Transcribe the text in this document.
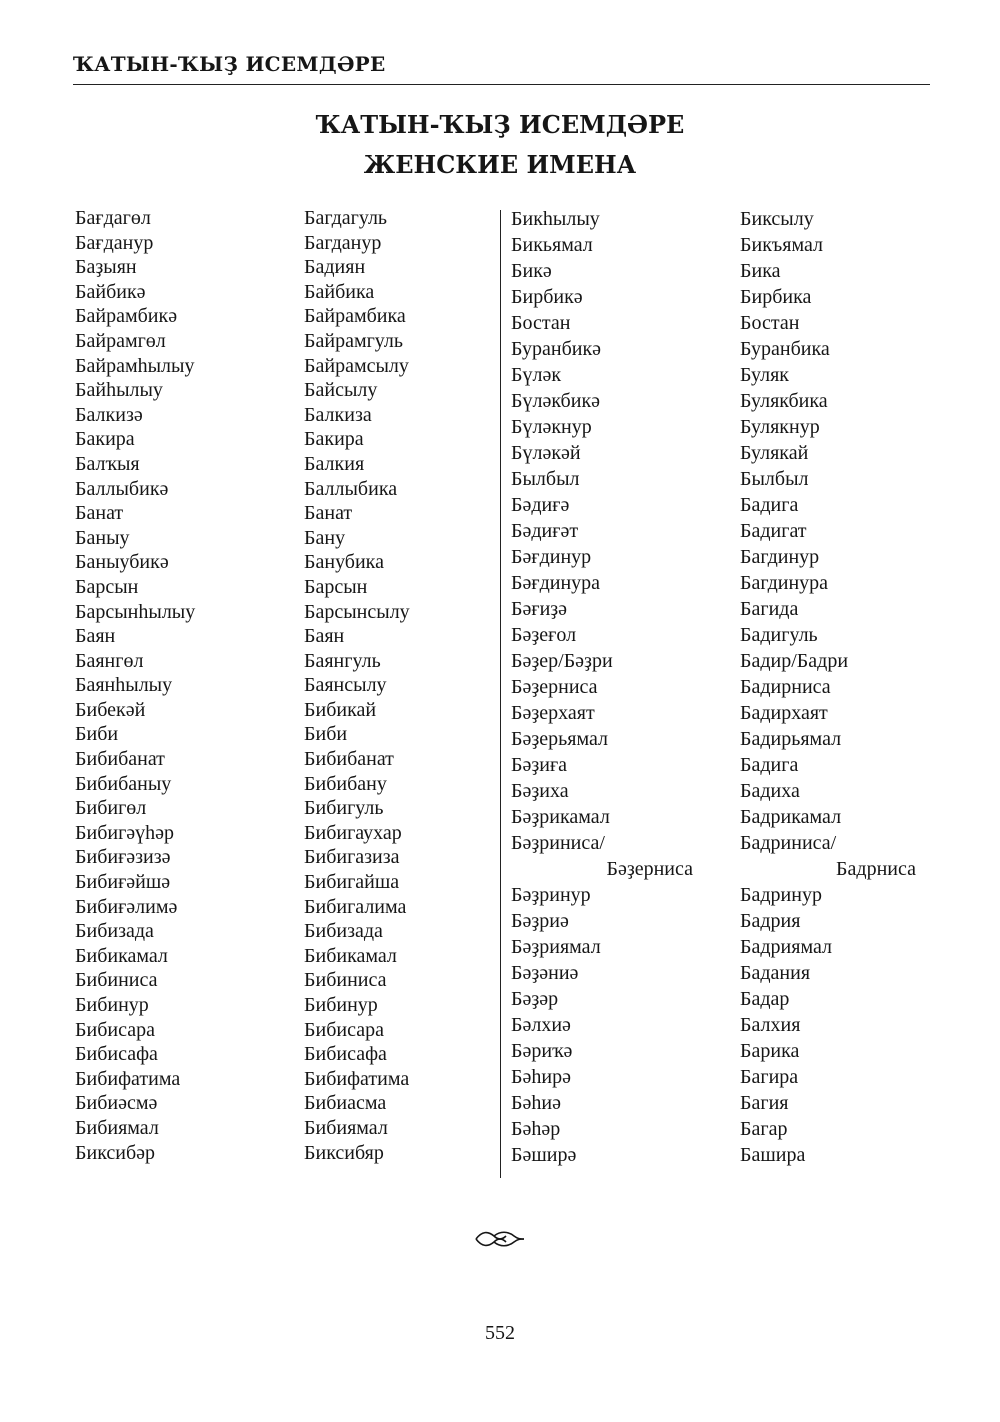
ҠАТЫН-ҠЫҘ ИСЕМДӘРЕ
ҠАТЫН-ҠЫҘ ИСЕМДӘРЕ
ЖЕНСКИЕ ИМЕНА
Бағдагөл
Бағданур
Баҙыян
Байбикә
Байрамбикә
Байрамгөл
Байрамһылыу
Байһылыу
Балкизә
Бакира
Балҡыя
Баллыбикә
Банат
Баныу
Баныубикә
Барсын
Барсынһылыу
Баян
Баянгөл
Баянһылыу
Бибекәй
Биби
Бибибанат
Бибибаныу
Бибигөл
Бибигәүһәр
Бибиғәзизә
Бибиғәйшә
Бибиғәлимә
Бибизада
Бибикамал
Бибиниса
Бибинур
Бибисара
Бибисафа
Бибифатима
Бибиәсмә
Бибиямал
Биксибәр
Багдагуль
Багданур
Бадиян
Байбика
Байрамбика
Байрамгуль
Байрамсылу
Байсылу
Балкиза
Бакира
Балкия
Баллыбика
Банат
Бану
Банубика
Барсын
Барсынсылу
Баян
Баянгуль
Баянсылу
Бибикай
Биби
Бибибанат
Бибибану
Бибигуль
Бибигаухар
Бибигазиза
Бибигайша
Бибигалима
Бибизада
Бибикамал
Бибиниса
Бибинур
Бибисара
Бибисафа
Бибифатима
Бибиасма
Бибиямал
Биксибяр
Бикһылыу
Бикьямал
Бикә
Бирбикә
Бостан
Буранбикә
Бүләк
Бүләкбикә
Бүләкнур
Бүләкәй
Былбыл
Бәдиғә
Бәдиғәт
Бәғдинур
Бәғдинура
Бәғиҙә
Бәҙеғол
Бәҙер/Бәҙри
Бәҙерниса
Бәҙерхаят
Бәҙерьямал
Бәҙиға
Бәҙиха
Бәҙрикамал
Бәҙриниса/
Бәҙерниса
Бәҙринур
Бәҙриә
Бәҙриямал
Бәҙәниә
Бәҙәр
Бәлхиә
Бәриҡә
Бәһирә
Бәһиә
Бәһәр
Бәширә
Биксылу
Бикъямал
Бика
Бирбика
Бостан
Буранбика
Буляк
Булякбика
Булякнур
Булякай
Былбыл
Бадига
Бадигат
Багдинур
Багдинура
Багида
Бадигуль
Бадир/Бадри
Бадирниса
Бадирхаят
Бадирьямал
Бадига
Бадиха
Бадрикамал
Бадриниса/
Бадрниса
Бадринур
Бадрия
Бадриямал
Бадания
Бадар
Балхия
Барика
Багира
Багия
Багар
Башира
552
